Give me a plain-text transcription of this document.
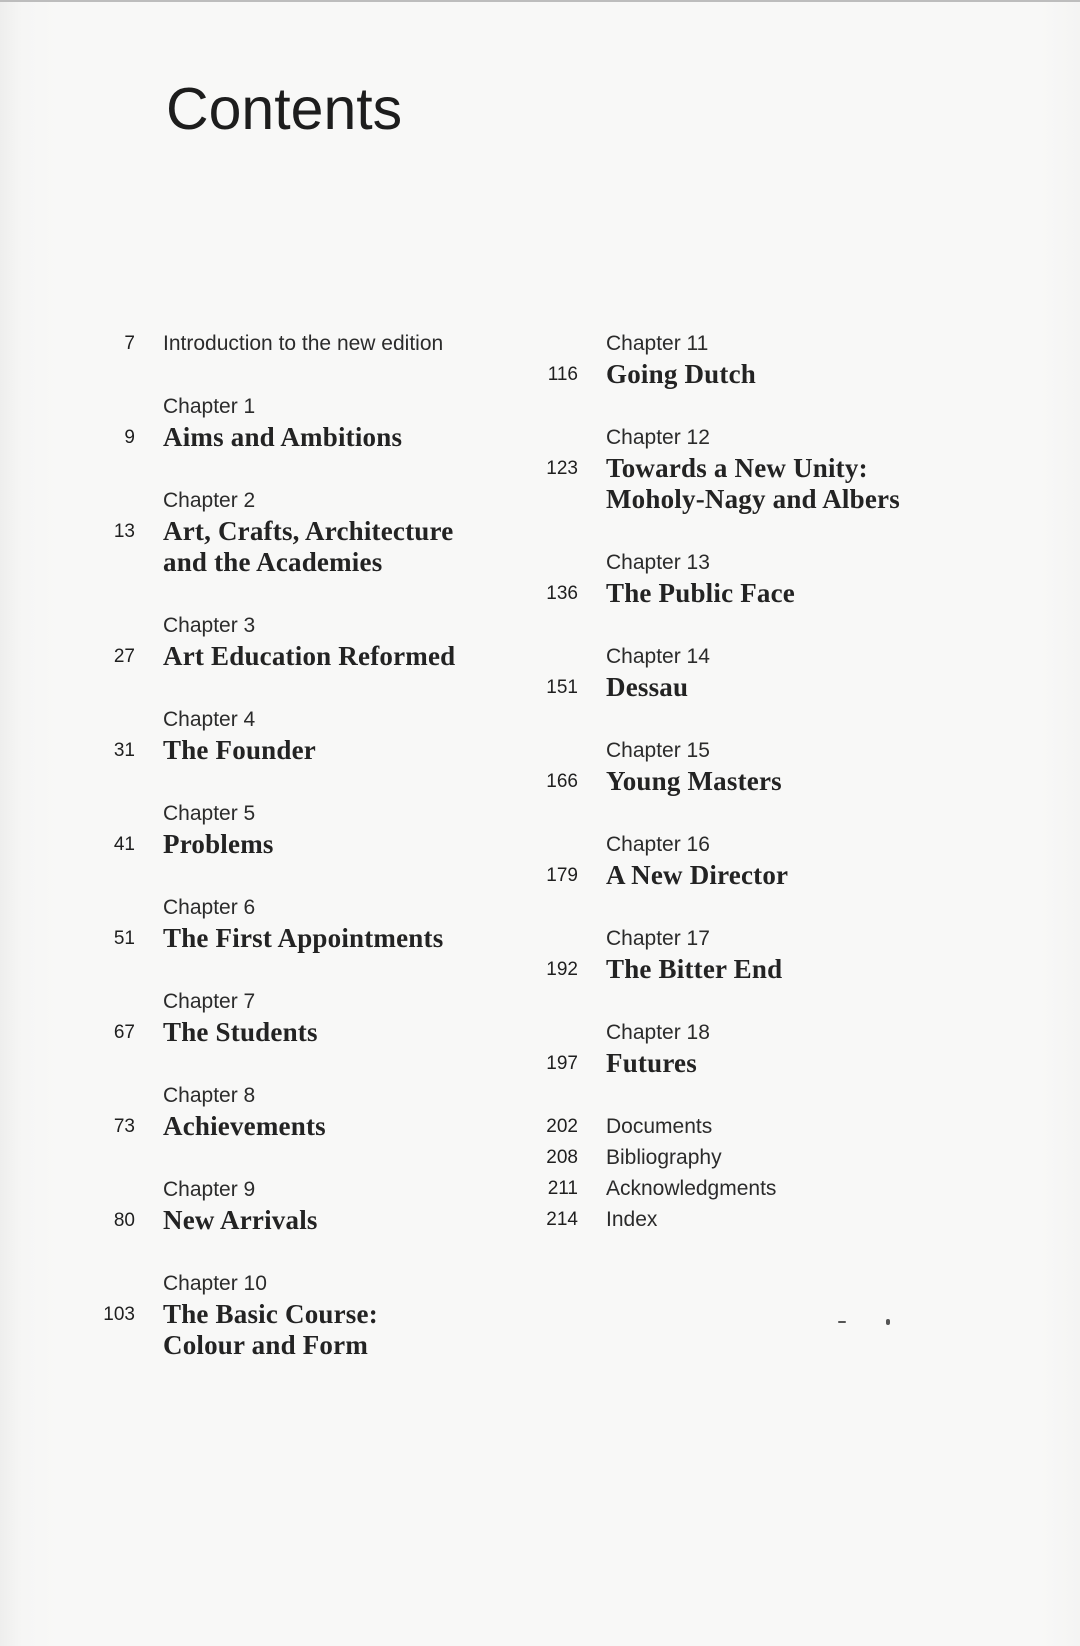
Contents
7 Introduction to the new edition
9
Chapter 1
Aims and Ambitions
13
Chapter 2
Art, Crafts, Architecture
and the Academies
27
Chapter 3
Art Education Reformed
31
Chapter 4
The Founder
41
Chapter 5
Problems
51
Chapter 6
The First Appointments
67
Chapter 7
The Students
73
Chapter 8
Achievements
80
Chapter 9
New Arrivals
103
Chapter 10
The Basic Course:
Colour and Form
116
Chapter 11
Going Dutch
123
Chapter 12
Towards a New Unity:
Moholy-Nagy and Albers
136
Chapter 13
The Public Face
151
Chapter 14
Dessau
166
Chapter 15
Young Masters
179
Chapter 16
A New Director
192
Chapter 17
The Bitter End
197
Chapter 18
Futures
202 Documents
208 Bibliography
211 Acknowledgments
214 Index
